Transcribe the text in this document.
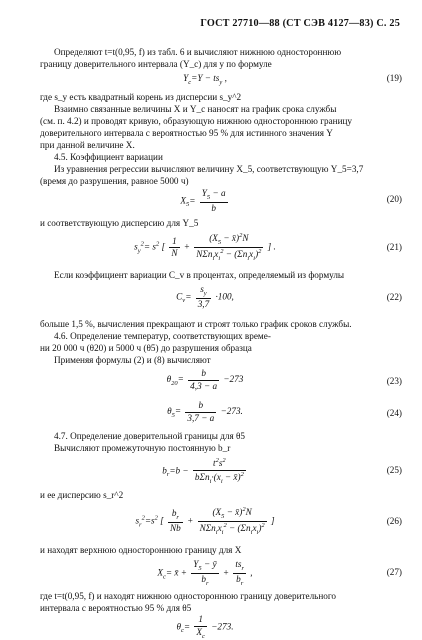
ГОСТ 27710—88 (СТ СЭВ 4127—83) С. 25
Определяют t=t(0,95, f) из табл. 6 и вычисляют нижнюю одностороннюю
границу доверительного интервала (Y_c) для y по формуле
$Y_c=Y - ts_y$ ,	(19)
где s_y есть квадратный корень из дисперсии s_y^2
Взаимно связанные величины X и Y_c наносят на график срока службы
(см. п. 4.2) и проводят кривую, образующую нижнюю одностороннюю границу
доверительного интервала с вероятностью 95 % для истинного значения Y
при данной величине X.
4.5. Коэффициент вариации
Из уравнения регрессии вычисляют величину X_5, соответствующую Y_5=3,7
(время до разрушения, равное 5000 ч)
$X_5= \frac{Y_5 - a}{b}$	(20)
и соответствующую дисперсию для Y_5
$s_y^2= s^2$ [ $\frac{1}{N} + \frac{(X_5 - x̄)^2N}{N\Sigma n_ix_i^2 - (\Sigma n_ix_i)^2}$ ] .	(21)
Если коэффициент вариации C_v в процентах, определяемый из формулы
$C_v= \frac{s_y}{3,7} \cdot 100$,	(22)
больше 1,5 %, вычисления прекращают и строят только график сроков службы.
4.6. Определение температур, соответствующих време-
ни 20 000 ч (θ20) и 5000 ч (θ5) до разрушения образца
Применяя формулы (2) и (8) вычисляют
$\theta_{20}= \frac{b}{4,3 - a} -273$	(23)
$\theta_5= \frac{b}{3,7 - a} -273$.	(24)
4.7. Определение доверительной границы для θ5
Вычисляют промежуточную постоянную b_r
$b_r=b - \frac{t^2s^2}{b\Sigma n_i\cdot(x_i - x̄)^2}$	(25)
и ее дисперсию s_r^2
$s_r^2=s^2$ [ $\frac{b_r}{Nb} + \frac{(X_5 - x̄)^2N}{N\Sigma n_ix_i^2 - (\Sigma n_ix_i)^2}$ ]	(26)
и находят верхнюю одностороннюю границу для X
$X_c=$ x̄ + $\frac{Y_5 - ȳ}{b_r} + \frac{ts_r}{b_r}$ ,	(27)
где t=t(0,95, f) и находят нижнюю одностороннюю границу доверительного
интервала с вероятностью 95 % для θ5
$\theta_c= \frac{1}{X_c} -273$.
